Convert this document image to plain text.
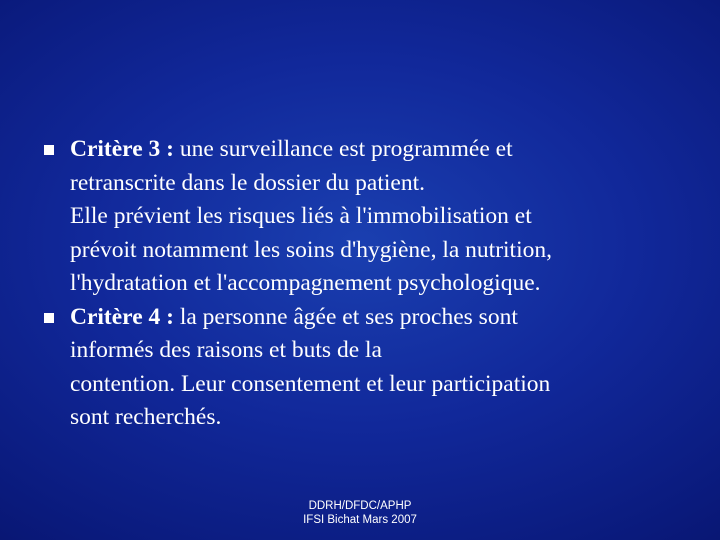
Critère 3 : une surveillance est programmée et
retranscrite dans le dossier du patient.
Elle prévient les risques liés à l'immobilisation et
prévoit notamment les soins d'hygiène, la nutrition,
l'hydratation et l'accompagnement psychologique.
Critère 4 : la personne âgée et ses proches sont
informés des raisons et buts de la
contention. Leur consentement et leur participation
sont recherchés.
DDRH/DFDC/APHP
IFSI Bichat Mars 2007
